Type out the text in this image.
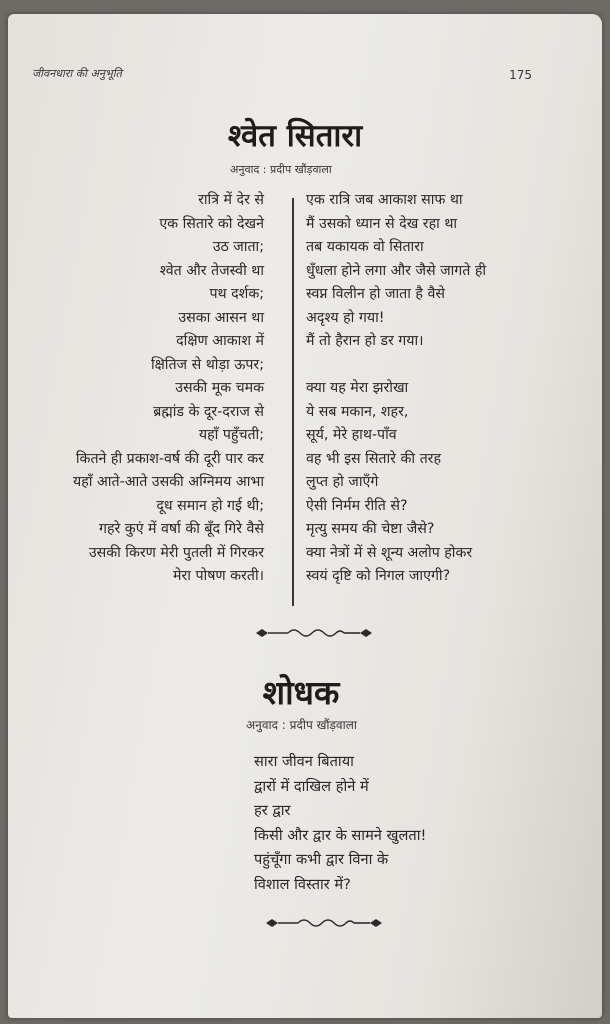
जीवनधारा की अनुभूति	175
श्वेत सितारा
अनुवाद : प्रदीप खौंड़वाला
रात्रि में देर से
एक सितारे को देखने
उठ जाता;
श्वेत और तेजस्वी था
पथ दर्शक;
उसका आसन था
दक्षिण आकाश में
क्षितिज से थोड़ा ऊपर;
उसकी मूक चमक
ब्रह्मांड के दूर-दराज से
यहाँ पहुँचती;
कितने ही प्रकाश-वर्ष की दूरी पार कर
यहाँ आते-आते उसकी अग्निमय आभा
दूध समान हो गई थी;
गहरे कुएं में वर्षा की बूँद गिरे वैसे
उसकी किरण मेरी पुतली में गिरकर
मेरा पोषण करती।
एक रात्रि जब आकाश साफ था
मैं उसको ध्यान से देख रहा था
तब यकायक वो सितारा
धुँधला होने लगा और जैसे जागते ही
स्वप्न विलीन हो जाता है वैसे
अदृश्य हो गया!
मैं तो हैरान हो डर गया।
क्या यह मेरा झरोखा
ये सब मकान, शहर,
सूर्य, मेरे हाथ-पाँव
वह भी इस सितारे की तरह
लुप्त हो जाएँगे
ऐसी निर्मम रीति से?
मृत्यु समय की चेष्टा जैसे?
क्या नेत्रों में से शून्य अलोप होकर
स्वयं दृष्टि को निगल जाएगी?
शोधक
अनुवाद : प्रदीप खौंड़वाला
सारा जीवन बिताया
द्वारों में दाखिल होने में
हर द्वार
किसी और द्वार के सामने खुलता!
पहुंचूँगा कभी द्वार विना के
विशाल विस्तार में?
